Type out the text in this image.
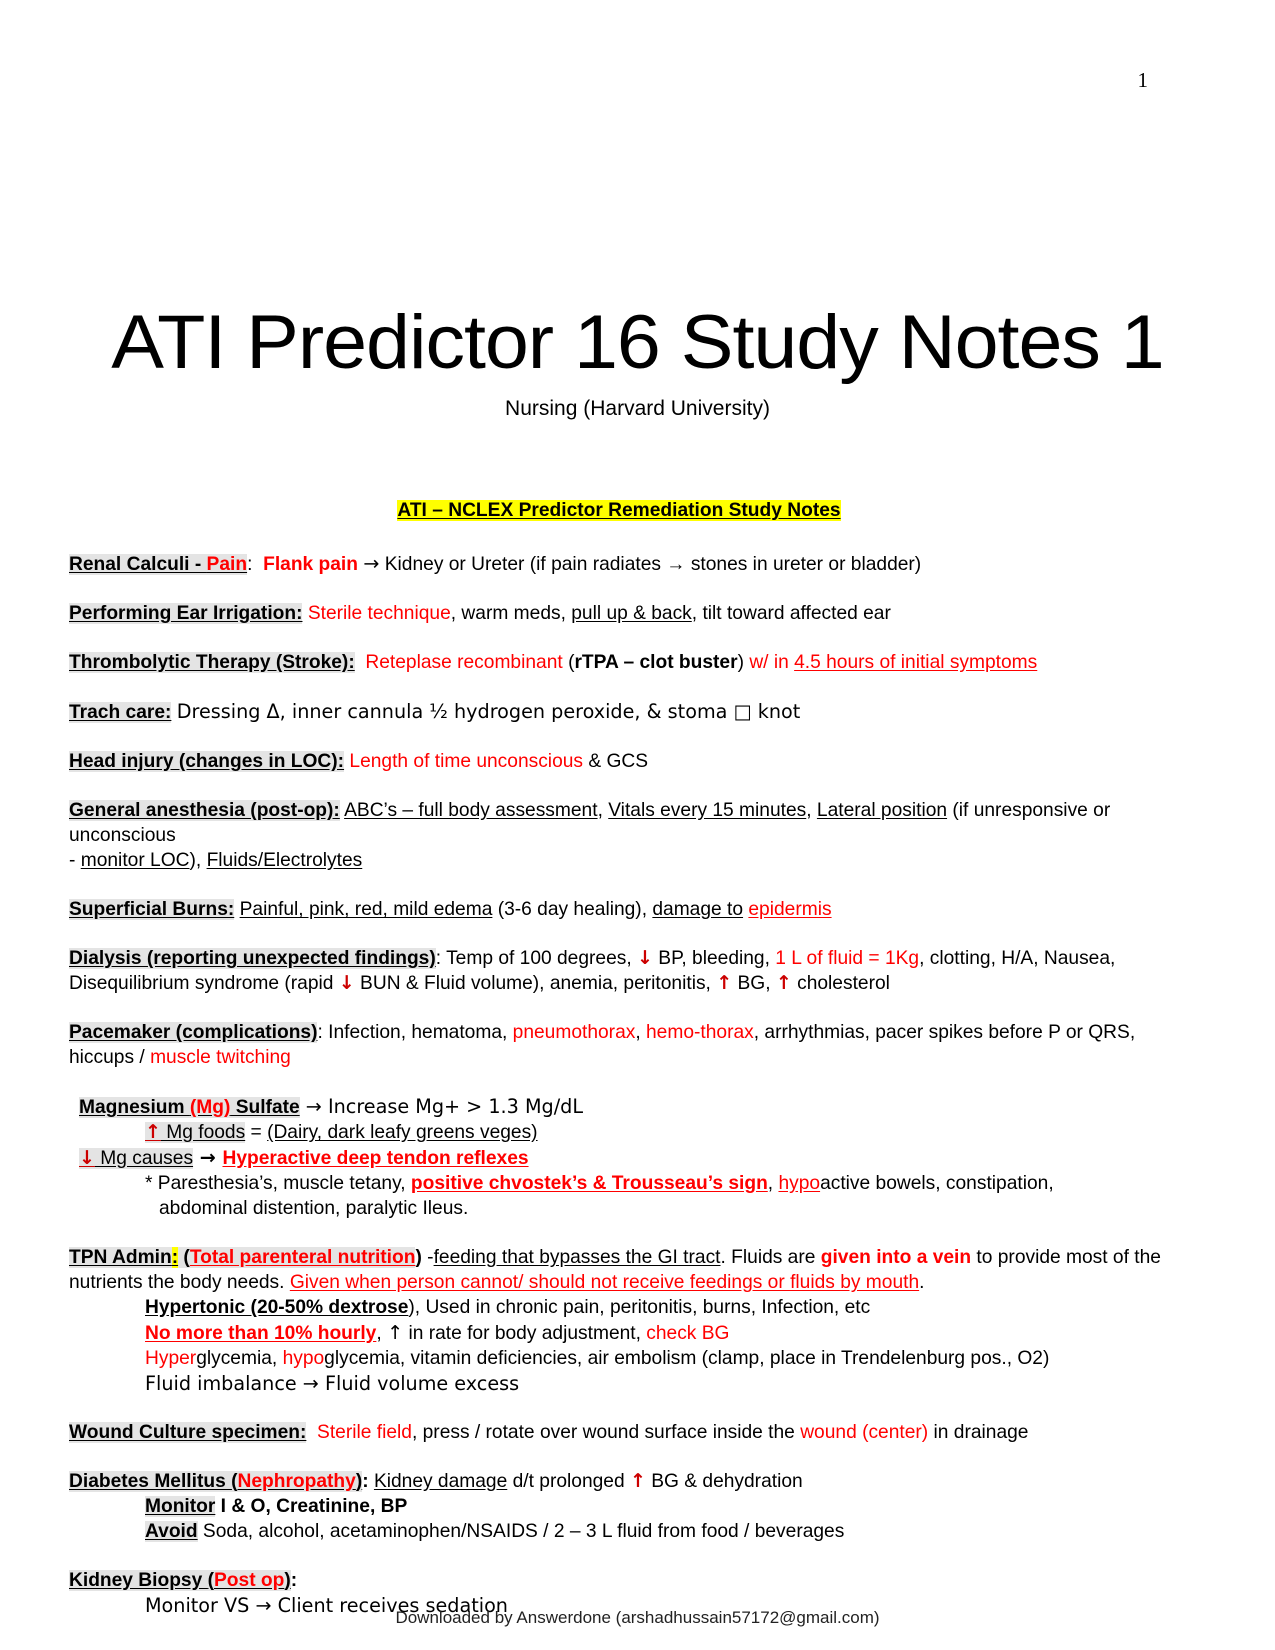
1
ATI Predictor 16 Study Notes 1
Nursing (Harvard University)
ATI – NCLEX Predictor Remediation Study Notes

Renal Calculi - Pain: Flank pain → Kidney or Ureter (if pain radiates → stones in ureter or bladder)

Performing Ear Irrigation: Sterile technique, warm meds, pull up & back, tilt toward affected ear

Thrombolytic Therapy (Stroke): Reteplase recombinant (rTPA – clot buster) w/ in 4.5 hours of initial symptoms

Trach care: Dressing Δ, inner cannula ½ hydrogen peroxide, & stoma □ knot

Head injury (changes in LOC): Length of time unconscious & GCS

General anesthesia (post-op): ABC’s – full body assessment, Vitals every 15 minutes, Lateral position (if unresponsive or unconscious

- monitor LOC), Fluids/Electrolytes

Superficial Burns: Painful, pink, red, mild edema (3-6 day healing), damage to epidermis

Dialysis (reporting unexpected findings): Temp of 100 degrees, ↓ BP, bleeding, 1 L of fluid = 1Kg, clotting, H/A, Nausea,

Disequilibrium syndrome (rapid ↓ BUN & Fluid volume), anemia, peritonitis, ↑ BG, ↑ cholesterol

Pacemaker (complications): Infection, hematoma, pneumothorax, hemo-thorax, arrhythmias, pacer spikes before P or QRS,

hiccups / muscle twitching

Magnesium (Mg) Sulfate → Increase Mg+ > 1.3 Mg/dL

↑ Mg foods = (Dairy, dark leafy greens veges)

↓ Mg causes → Hyperactive deep tendon reflexes

* Paresthesia’s, muscle tetany, positive chvostek’s & Trousseau’s sign, hypoactive bowels, constipation,

abdominal distention, paralytic Ileus.

TPN Admin: (Total parenteral nutrition) -feeding that bypasses the GI tract. Fluids are given into a vein to provide most of the

nutrients the body needs. Given when person cannot/ should not receive feedings or fluids by mouth.

Hypertonic (20-50% dextrose), Used in chronic pain, peritonitis, burns, Infection, etc

No more than 10% hourly, ↑ in rate for body adjustment, check BG

Hyperglycemia, hypoglycemia, vitamin deficiencies, air embolism (clamp, place in Trendelenburg pos., O2)

Fluid imbalance → Fluid volume excess

Wound Culture specimen: Sterile field, press / rotate over wound surface inside the wound (center) in drainage

Diabetes Mellitus (Nephropathy): Kidney damage d/t prolonged ↑ BG & dehydration

Monitor I & O, Creatinine, BP

Avoid Soda, alcohol, acetaminophen/NSAIDS / 2 – 3 L fluid from food / beverages

Kidney Biopsy (Post op):

Monitor VS → Client receives sedation

Downloaded by Answerdone (arshadhussain57172@gmail.com)
